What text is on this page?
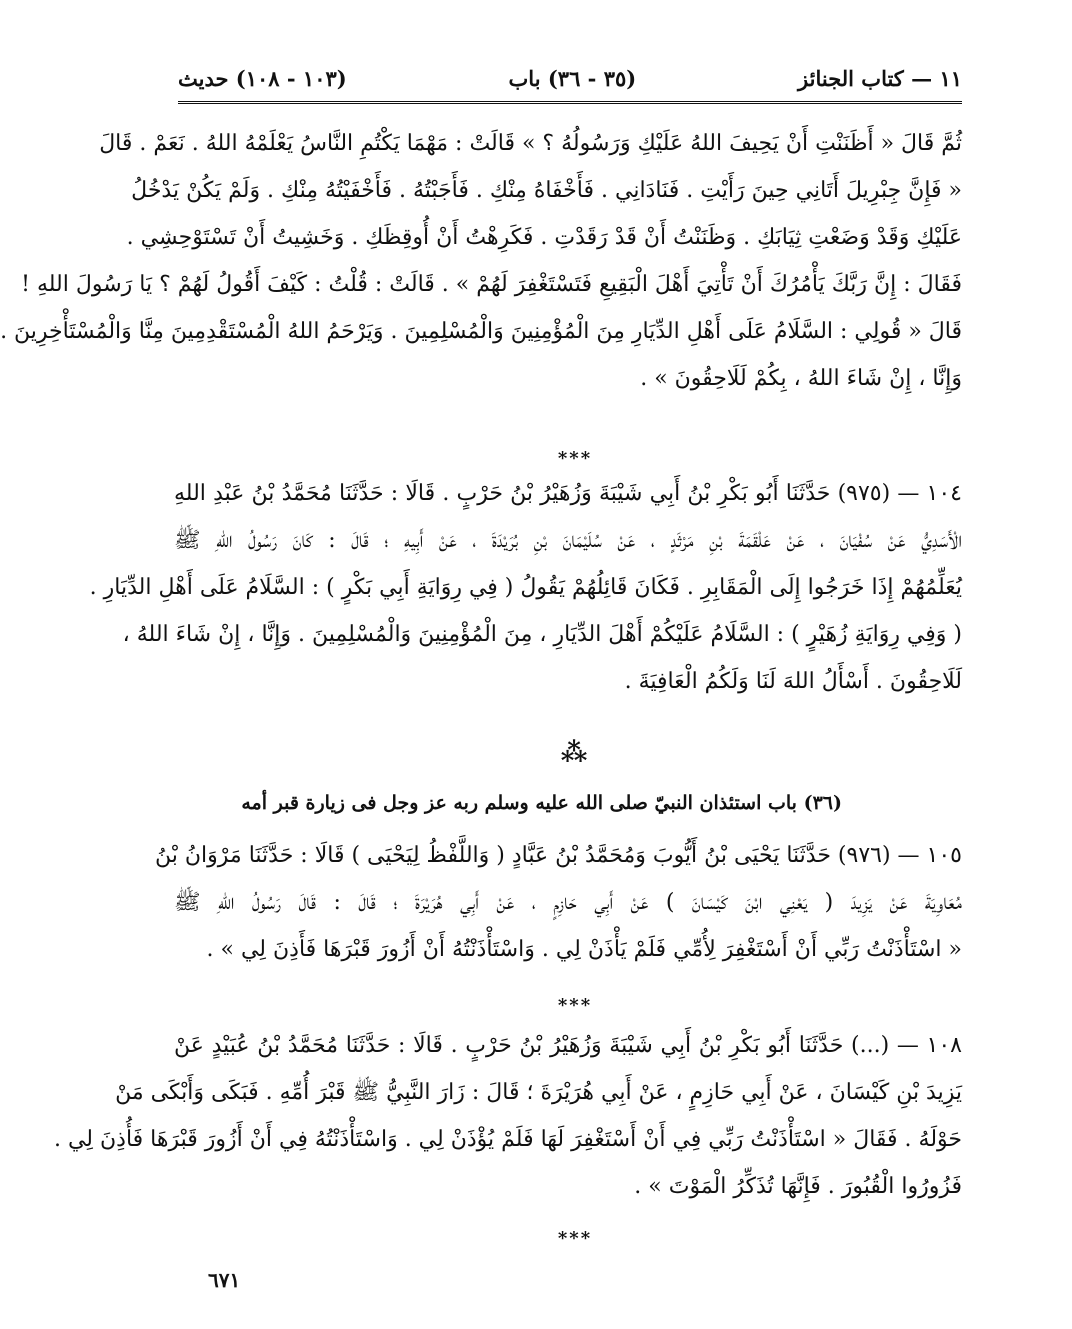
١١ — كتاب الجنائز
(٣٥ - ٣٦) باب
(١٠٣ - ١٠٨) حديث
ثُمَّ قَالَ « أَظَنَنْتِ أَنْ يَحِيفَ اللهُ عَلَيْكِ وَرَسُولُهُ ؟ » قَالَتْ : مَهْمَا يَكْتُمِ النَّاسُ يَعْلَمْهُ اللهُ . نَعَمْ . قَالَ
« فَإِنَّ جِبْرِيلَ أَتَانِي حِينَ رَأَيْتِ . فَنَادَانِي . فَأَخْفَاهُ مِنْكِ . فَأَجَبْتُهُ . فَأَخْفَيْتُهُ مِنْكِ . وَلَمْ يَكُنْ يَدْخُلُ
عَلَيْكِ وَقَدْ وَضَعْتِ ثِيَابَكِ . وَظَنَنْتُ أَنْ قَدْ رَقَدْتِ . فَكَرِهْتُ أَنْ أُوقِظَكِ . وَخَشِيتُ أَنْ تَسْتَوْحِشِي .
فَقَالَ : إِنَّ رَبَّكَ يَأْمُرُكَ أَنْ تَأْتِيَ أَهْلَ الْبَقِيعِ فَتَسْتَغْفِرَ لَهُمْ » . قَالَتْ : قُلْتُ : كَيْفَ أَقُولُ لَهُمْ ؟ يَا رَسُولَ اللهِ !
قَالَ « قُولِي : السَّلَامُ عَلَى أَهْلِ الدِّيَارِ مِنَ الْمُؤْمِنِينَ وَالْمُسْلِمِينَ . وَيَرْحَمُ اللهُ الْمُسْتَقْدِمِينَ مِنَّا وَالْمُسْتَأْخِرِينَ .
وَإِنَّا ، إِنْ شَاءَ اللهُ ، بِكُمْ لَلَاحِقُونَ » .
***
١٠٤ — (٩٧٥) حَدَّثَنَا أَبُو بَكْرِ بْنُ أَبِي شَيْبَةَ وَزُهَيْرُ بْنُ حَرْبٍ . قَالَا : حَدَّثَنَا مُحَمَّدُ بْنُ عَبْدِ اللهِ
الْأَسَدِيُّ عَنْ سُفْيَانَ ، عَنْ عَلْقَمَةَ بْنِ مَرْثَدٍ ، عَنْ سُلَيْمَانَ بْنِ بُرَيْدَةَ ، عَنْ أَبِيهِ ؛ قَالَ : كَانَ رَسُولُ اللهِ ﷺ
يُعَلِّمُهُمْ إِذَا خَرَجُوا إِلَى الْمَقَابِرِ . فَكَانَ قَائِلُهُمْ يَقُولُ ( فِي رِوَايَةِ أَبِي بَكْرٍ ) : السَّلَامُ عَلَى أَهْلِ الدِّيَارِ .
( وَفِي رِوَايَةِ زُهَيْرٍ ) : السَّلَامُ عَلَيْكُمْ أَهْلَ الدِّيَارِ ، مِنَ الْمُؤْمِنِينَ وَالْمُسْلِمِينَ . وَإِنَّا ، إِنْ شَاءَ اللهُ ،
لَلَاحِقُونَ . أَسْأَلُ اللهَ لَنَا وَلَكُمُ الْعَافِيَةَ .
⁂
(٣٦) باب استئذان النبيّ صلى الله عليه وسلم ربه عز وجل فى زيارة قبر أمه
١٠٥ — (٩٧٦) حَدَّثَنَا يَحْيَى بْنُ أَيُّوبَ وَمُحَمَّدُ بْنُ عَبَّادٍ ( وَاللَّفْظُ لِيَحْيَى ) قَالَا : حَدَّثَنَا مَرْوَانُ بْنُ
مُعَاوِيَةَ عَنْ يَزِيدَ ( يَعْنِي ابْنَ كَيْسَانَ ) عَنْ أَبِي حَازِمٍ ، عَنْ أَبِي هُرَيْرَةَ ؛ قَالَ : قَالَ رَسُولُ اللهِ ﷺ
« اسْتَأْذَنْتُ رَبِّي أَنْ أَسْتَغْفِرَ لِأُمِّي فَلَمْ يَأْذَنْ لِي . وَاسْتَأْذَنْتُهُ أَنْ أَزُورَ قَبْرَهَا فَأَذِنَ لِي » .
***
١٠٨ — (...) حَدَّثَنَا أَبُو بَكْرِ بْنُ أَبِي شَيْبَةَ وَزُهَيْرُ بْنُ حَرْبٍ . قَالَا : حَدَّثَنَا مُحَمَّدُ بْنُ عُبَيْدٍ عَنْ
يَزِيدَ بْنِ كَيْسَانَ ، عَنْ أَبِي حَازِمٍ ، عَنْ أَبِي هُرَيْرَةَ ؛ قَالَ : زَارَ النَّبِيُّ ﷺ قَبْرَ أُمِّهِ . فَبَكَى وَأَبْكَى مَنْ
حَوْلَهُ . فَقَالَ « اسْتَأْذَنْتُ رَبِّي فِي أَنْ أَسْتَغْفِرَ لَهَا فَلَمْ يُؤْذَنْ لِي . وَاسْتَأْذَنْتُهُ فِي أَنْ أَزُورَ قَبْرَهَا فَأُذِنَ لِي .
فَزُورُوا الْقُبُورَ . فَإِنَّهَا تُذَكِّرُ الْمَوْتَ » .
***
٦٧١
